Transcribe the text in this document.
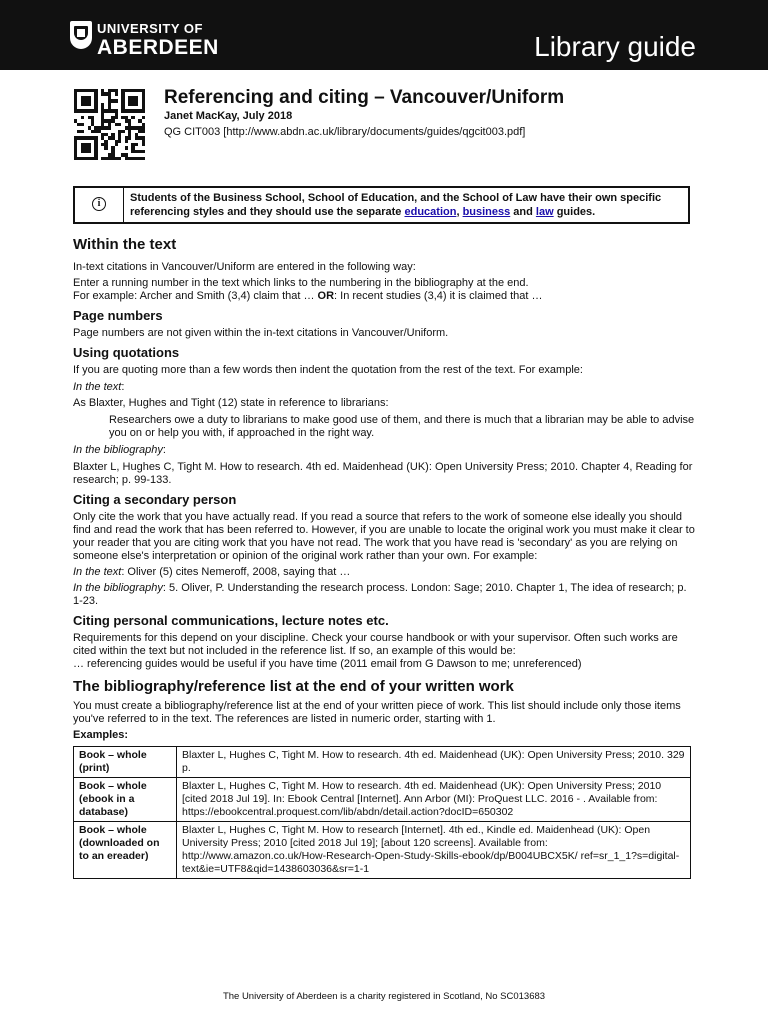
UNIVERSITY OF
ABERDEEN	Library guide
Referencing and citing – Vancouver/Uniform
Janet MacKay, July 2018
QG CIT003 [http://www.abdn.ac.uk/library/documents/guides/qgcit003.pdf]
i	Students of the Business School, School of Education, and the School of Law have their own specific referencing styles and they should use the separate education, business and law guides.
Within the text

In-text citations in Vancouver/Uniform are entered in the following way:

Enter a running number in the text which links to the numbering in the bibliography at the end.

For example: Archer and Smith (3,4) claim that … OR: In recent studies (3,4) it is claimed that …

Page numbers

Page numbers are not given within the in-text citations in Vancouver/Uniform.

Using quotations

If you are quoting more than a few words then indent the quotation from the rest of the text. For example:

In the text:

As Blaxter, Hughes and Tight (12) state in reference to librarians:

Researchers owe a duty to librarians to make good use of them, and there is much that a librarian may be able to advise you on or help you with, if approached in the right way.

In the bibliography:

Blaxter L, Hughes C, Tight M. How to research. 4th ed. Maidenhead (UK): Open University Press; 2010. Chapter 4, Reading for research; p. 99-133.

Citing a secondary person

Only cite the work that you have actually read. If you read a source that refers to the work of someone else ideally you should find and read the work that has been referred to. However, if you are unable to locate the original work you must make it clear to your reader that you are citing work that you have not read. The work that you have read is 'secondary' as you are relying on someone else's interpretation or opinion of the original work rather than your own. For example:

In the text: Oliver (5) cites Nemeroff, 2008, saying that …

In the bibliography: 5. Oliver, P. Understanding the research process. London: Sage; 2010. Chapter 1, The idea of research; p. 1-23.

Citing personal communications, lecture notes etc.

Requirements for this depend on your discipline. Check your course handbook or with your supervisor. Often such works are cited within the text but not included in the reference list. If so, an example of this would be:

… referencing guides would be useful if you have time (2011 email from G Dawson to me; unreferenced)

The bibliography/reference list at the end of your written work

You must create a bibliography/reference list at the end of your written piece of work. This list should include only those items you've referred to in the text. The references are listed in numeric order, starting with 1.

Examples:

Book – whole (print)	Blaxter L, Hughes C, Tight M. How to research. 4th ed. Maidenhead (UK): Open University Press; 2010. 329 p.
Book – whole (ebook in a database)	Blaxter L, Hughes C, Tight M. How to research. 4th ed. Maidenhead (UK): Open University Press; 2010 [cited 2018 Jul 19]. In: Ebook Central [Internet]. Ann Arbor (MI): ProQuest LLC. 2016 - . Available from: https://ebookcentral.proquest.com/lib/abdn/detail.action?docID=650302
Book – whole (downloaded on to an ereader)	Blaxter L, Hughes C, Tight M. How to research [Internet]. 4th ed., Kindle ed. Maidenhead (UK): Open University Press; 2010 [cited 2018 Jul 19]; [about 120 screens]. Available from: http://www.amazon.co.uk/How-Research-Open-Study-Skills-ebook/dp/B004UBCX5K/ ref=sr_1_1?s=digital-text&ie=UTF8&qid=1438603036&sr=1-1
The University of Aberdeen is a charity registered in Scotland, No SC013683
